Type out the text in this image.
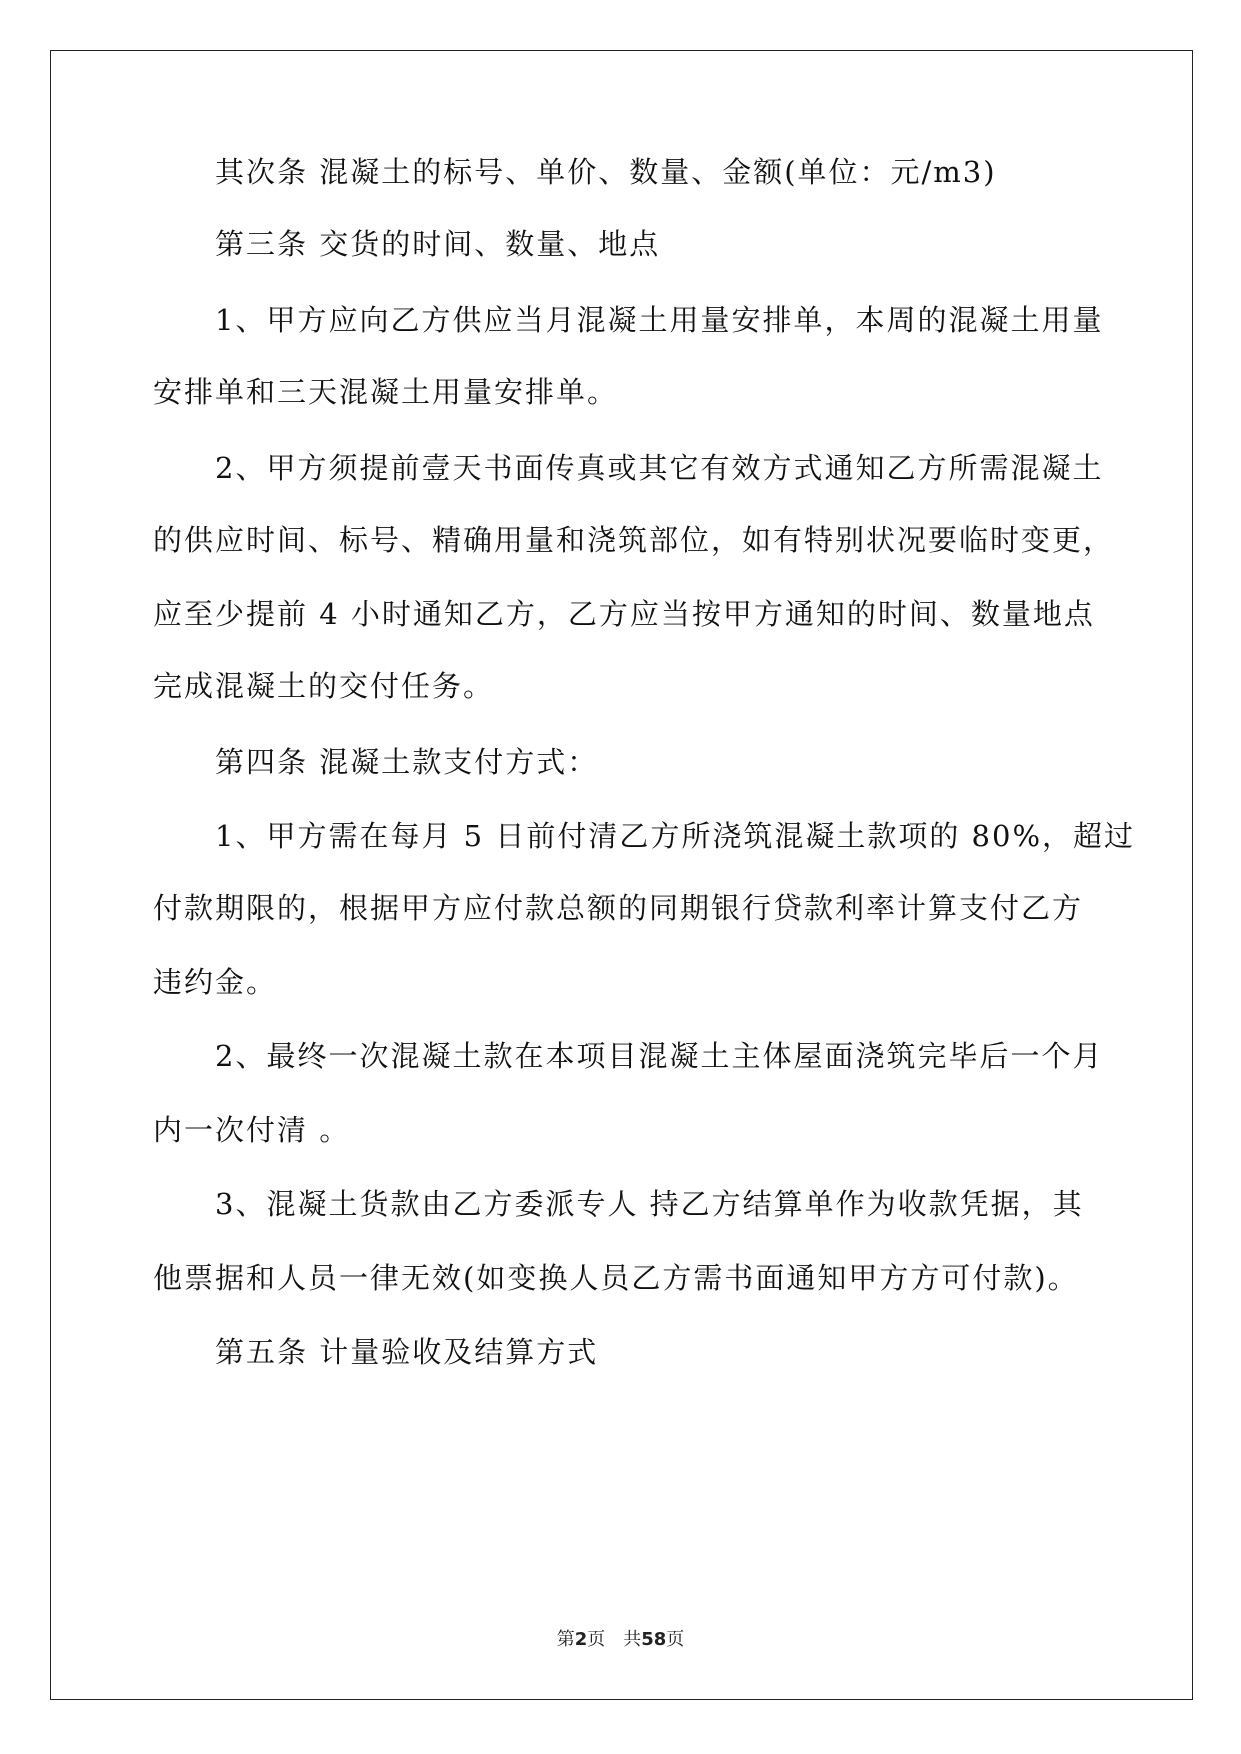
其次条 混凝土的标号、单价、数量、金额(单位：元/m3)
第三条 交货的时间、数量、地点
1、甲方应向乙方供应当月混凝土用量安排单，本周的混凝土用量
安排单和三天混凝土用量安排单。
2、甲方须提前壹天书面传真或其它有效方式通知乙方所需混凝土
的供应时间、标号、精确用量和浇筑部位，如有特别状况要临时变更，
应至少提前 4 小时通知乙方，乙方应当按甲方通知的时间、数量地点
完成混凝土的交付任务。
第四条 混凝土款支付方式：
1、甲方需在每月 5 日前付清乙方所浇筑混凝土款项的 80%，超过
付款期限的，根据甲方应付款总额的同期银行贷款利率计算支付乙方
违约金。
2、最终一次混凝土款在本项目混凝土主体屋面浇筑完毕后一个月
内一次付清 。
3、混凝土货款由乙方委派专人 持乙方结算单作为收款凭据，其
他票据和人员一律无效(如变换人员乙方需书面通知甲方方可付款)。
第五条 计量验收及结算方式
第2页 共58页
